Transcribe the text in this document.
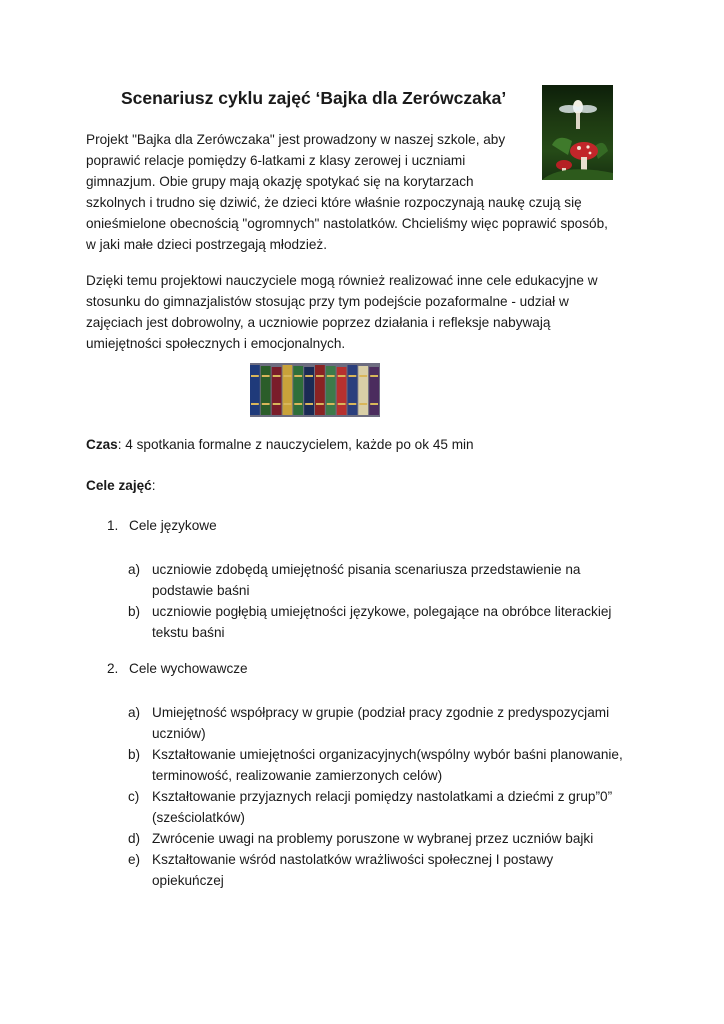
Scenariusz cyklu zajęć ‘Bajka dla Zerówczaka’
Projekt "Bajka dla Zerówczaka" jest prowadzony w naszej szkole, aby
poprawić relacje pomiędzy 6-latkami z klasy zerowej i uczniami
gimnazjum. Obie grupy mają okazję spotykać się na korytarzach
szkolnych i trudno się dziwić, że dzieci które właśnie rozpoczynają naukę czują się
onieśmielone obecnością "ogromnych" nastolatków. Chcieliśmy więc poprawić sposób,
w jaki małe dzieci postrzegają młodzież.
Dzięki temu projektowi nauczyciele mogą również realizować inne cele edukacyjne w
stosunku do gimnazjalistów stosując przy tym podejście pozaformalne - udział w
zajęciach jest dobrowolny, a uczniowie poprzez działania i refleksje nabywają
umiejętności społecznych i emocjonalnych.
Czas: 4 spotkania formalne z nauczycielem, każde po ok 45 min
Cele zajęć:
1. Cele językowe
a) uczniowie zdobędą umiejętność pisania scenariusza przedstawienie na
podstawie baśni
b) uczniowie pogłębią umiejętności językowe, polegające na obróbce literackiej
tekstu baśni
2. Cele wychowawcze
a) Umiejętność współpracy w grupie (podział pracy zgodnie z predyspozycjami
uczniów)
b) Kształtowanie umiejętności organizacyjnych(wspólny wybór baśni planowanie,
terminowość, realizowanie zamierzonych celów)
c) Kształtowanie przyjaznych relacji pomiędzy nastolatkami a dziećmi z grup”0”
(sześciolatków)
d) Zwrócenie uwagi na problemy poruszone w wybranej przez uczniów bajki
e) Kształtowanie wśród nastolatków wrażliwości społecznej I postawy
opiekuńczej
